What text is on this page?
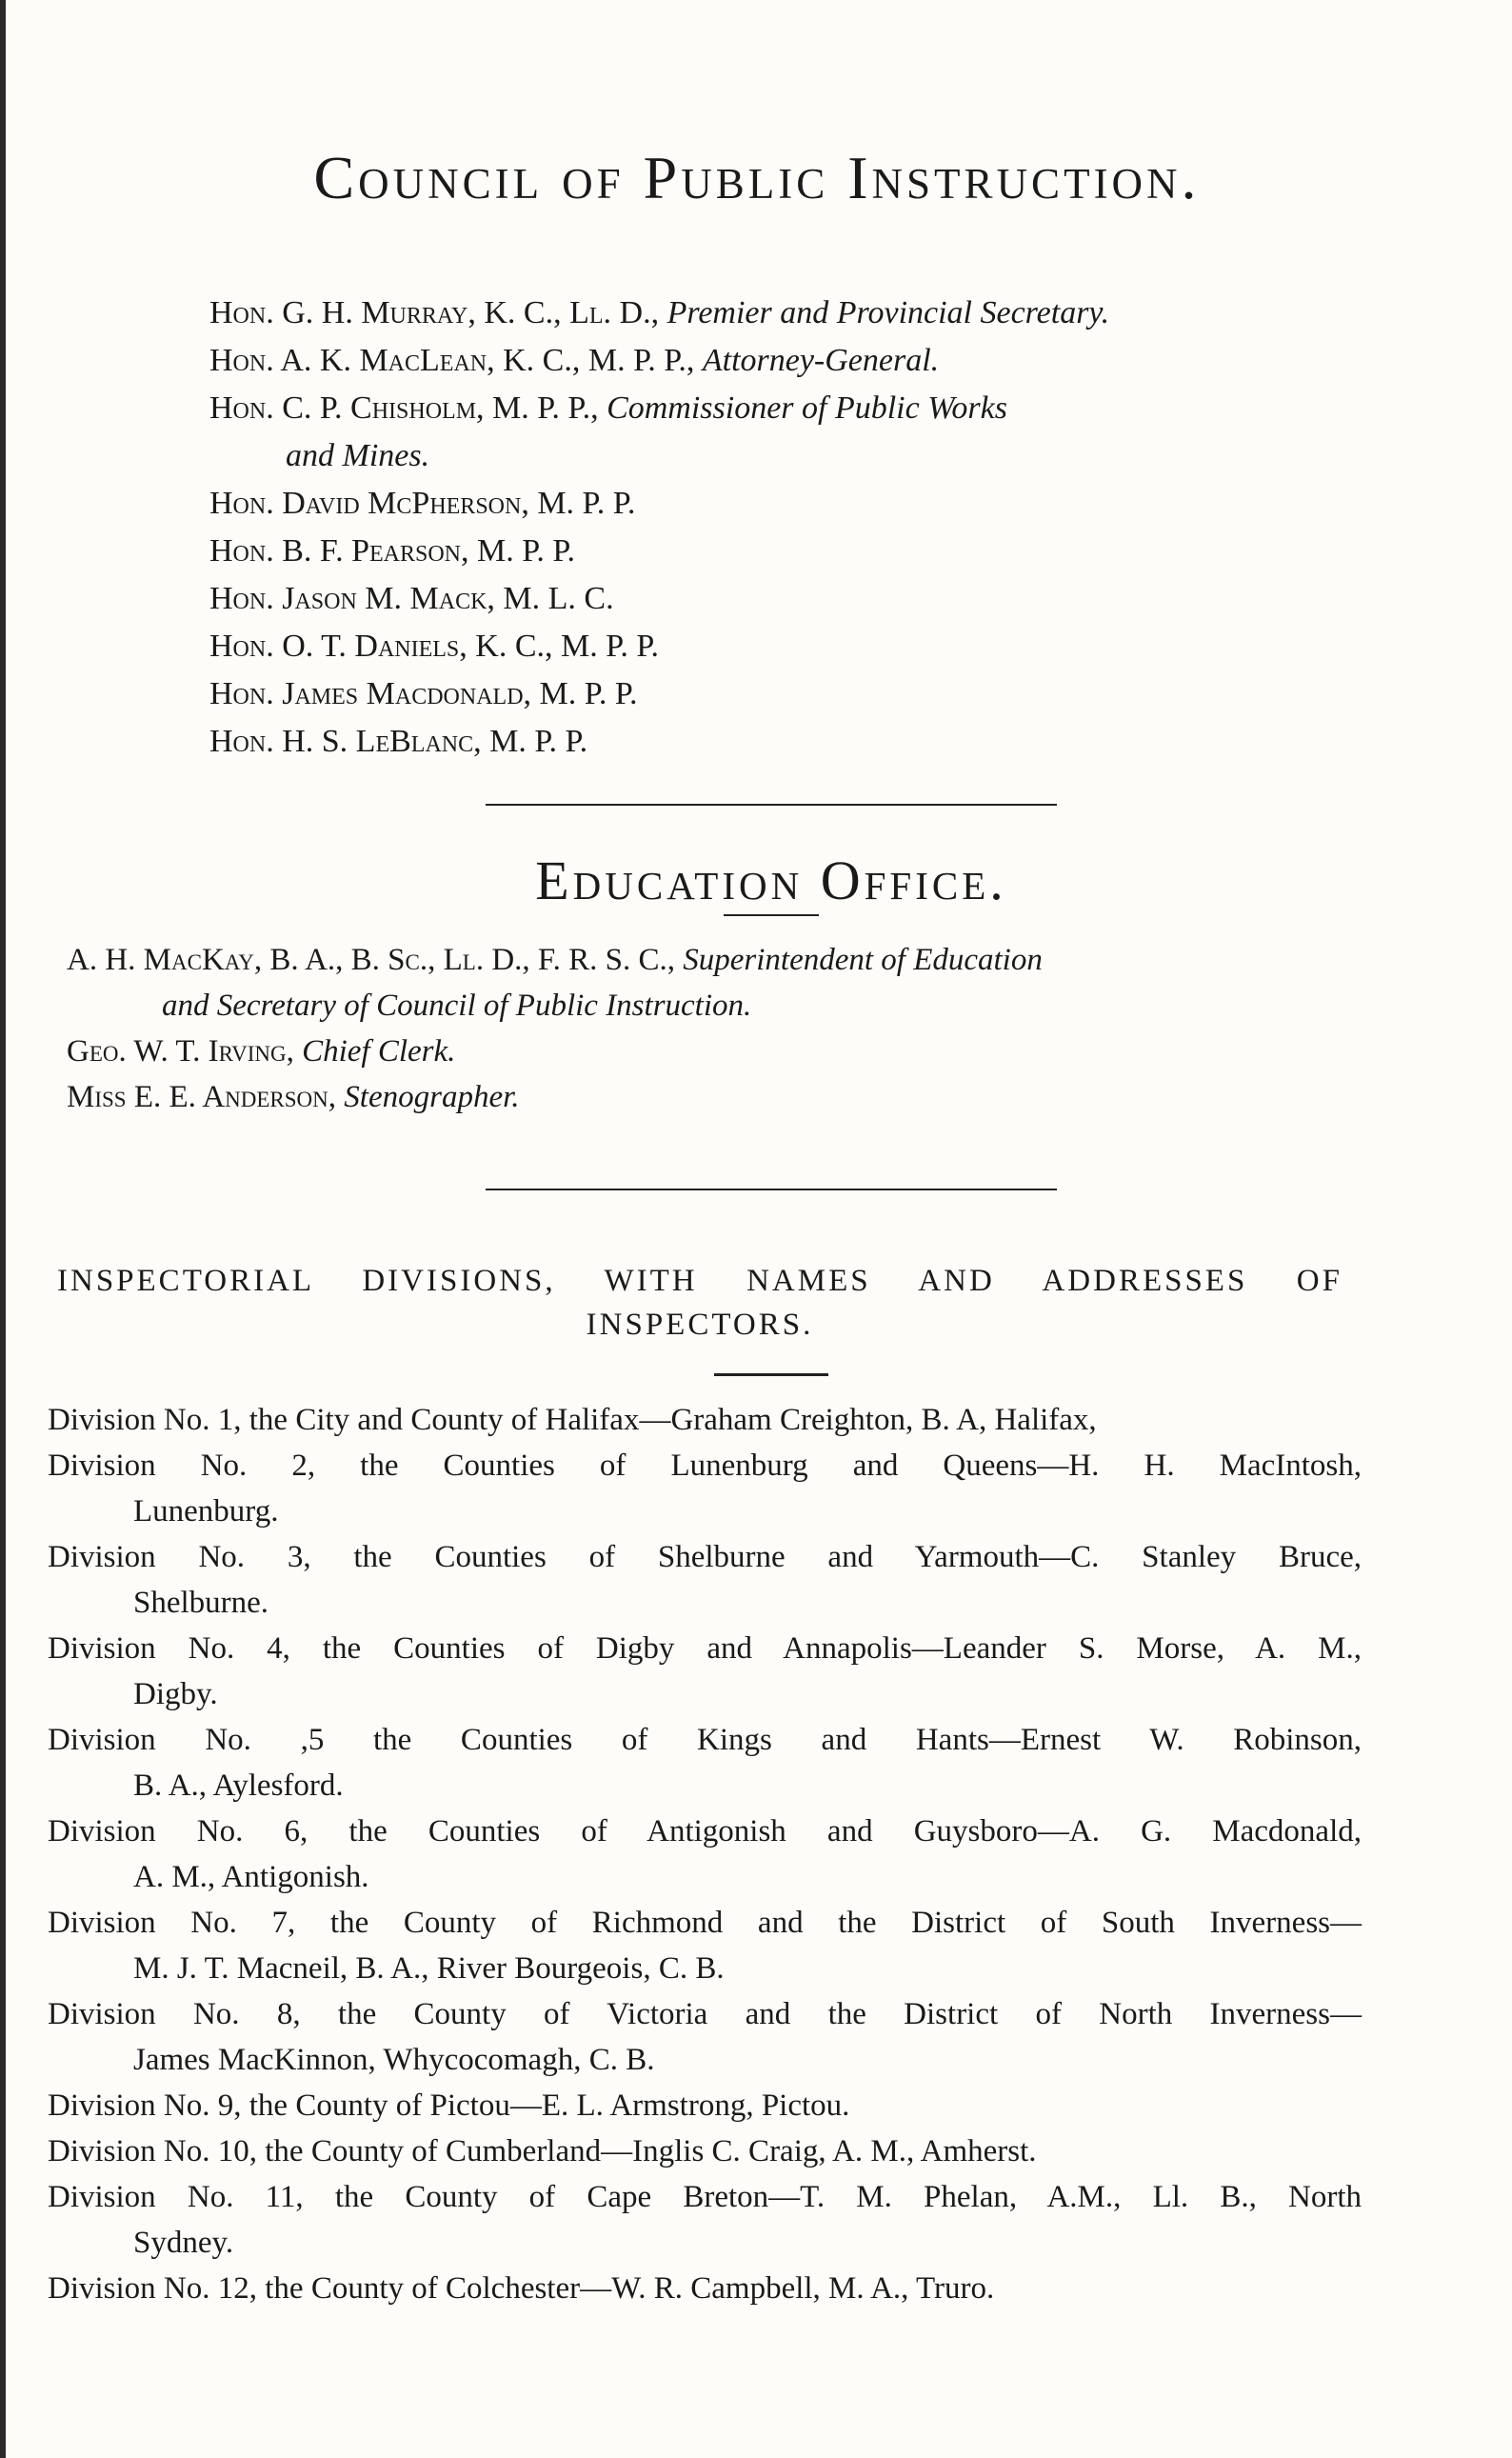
Council of Public Instruction.
Hon. G. H. Murray, K. C., Ll. D., Premier and Provincial Secretary.
Hon. A. K. MacLean, K. C., M. P. P., Attorney-General.
Hon. C. P. Chisholm, M. P. P., Commissioner of Public Works
and Mines.
Hon. David McPherson, M. P. P.
Hon. B. F. Pearson, M. P. P.
Hon. Jason M. Mack, M. L. C.
Hon. O. T. Daniels, K. C., M. P. P.
Hon. James Macdonald, M. P. P.
Hon. H. S. LeBlanc, M. P. P.
Education Office.
A. H. MacKay, B. A., B. Sc., Ll. D., F. R. S. C., Superintendent of Education
and Secretary of Council of Public Instruction.
Geo. W. T. Irving, Chief Clerk.
Miss E. E. Anderson, Stenographer.
INSPECTORIAL DIVISIONS, WITH NAMES AND ADDRESSES OF
INSPECTORS.
Division No. 1, the City and County of Halifax—Graham Creighton, B. A, Halifax,
Division No. 2, the Counties of Lunenburg and Queens—H. H. MacIntosh,
Lunenburg.
Division No. 3, the Counties of Shelburne and Yarmouth—C. Stanley Bruce,
Shelburne.
Division No. 4, the Counties of Digby and Annapolis—Leander S. Morse, A. M.,
Digby.
Division No. ,5 the Counties of Kings and Hants—Ernest W. Robinson,
B. A., Aylesford.
Division No. 6, the Counties of Antigonish and Guysboro—A. G. Macdonald,
A. M., Antigonish.
Division No. 7, the County of Richmond and the District of South Inverness—
M. J. T. Macneil, B. A., River Bourgeois, C. B.
Division No. 8, the County of Victoria and the District of North Inverness—
James MacKinnon, Whycocomagh, C. B.
Division No. 9, the County of Pictou—E. L. Armstrong, Pictou.
Division No. 10, the County of Cumberland—Inglis C. Craig, A. M., Amherst.
Division No. 11, the County of Cape Breton—T. M. Phelan, A.M., Ll. B., North
Sydney.
Division No. 12, the County of Colchester—W. R. Campbell, M. A., Truro.
